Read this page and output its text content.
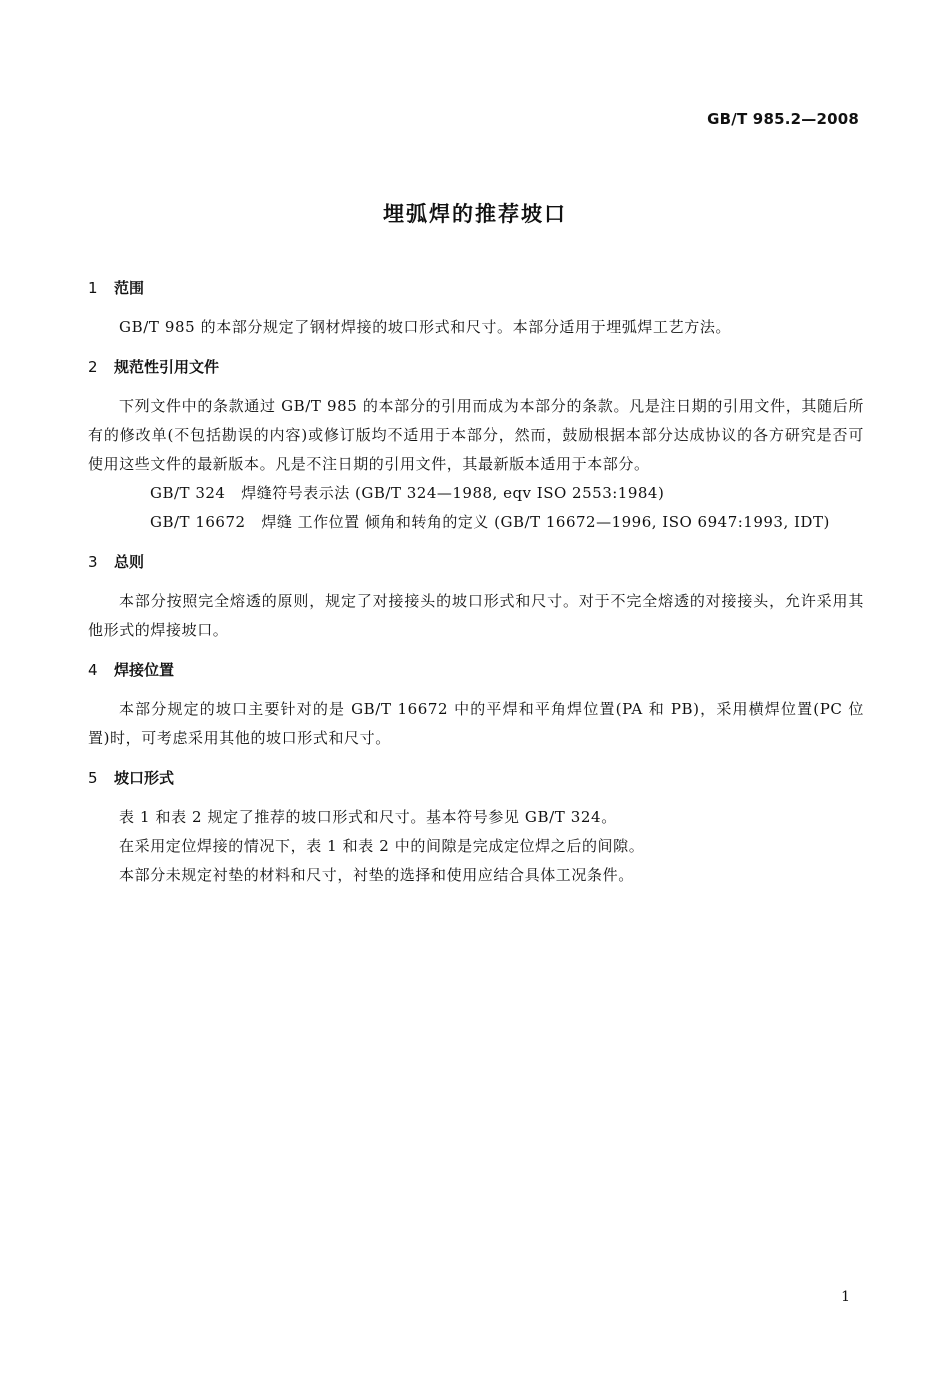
GB/T 985.2—2008
埋弧焊的推荐坡口
1 范围

GB/T 985 的本部分规定了钢材焊接的坡口形式和尺寸。本部分适用于埋弧焊工艺方法。

2 规范性引用文件

下列文件中的条款通过 GB/T 985 的本部分的引用而成为本部分的条款。凡是注日期的引用文件，其随后所有的修改单(不包括勘误的内容)或修订版均不适用于本部分，然而，鼓励根据本部分达成协议的各方研究是否可使用这些文件的最新版本。凡是不注日期的引用文件，其最新版本适用于本部分。

GB/T 324 焊缝符号表示法 (GB/T 324—1988, eqv ISO 2553:1984)

GB/T 16672 焊缝 工作位置 倾角和转角的定义 (GB/T 16672—1996, ISO 6947:1993, IDT)

3 总则

本部分按照完全熔透的原则，规定了对接接头的坡口形式和尺寸。对于不完全熔透的对接接头，允许采用其他形式的焊接坡口。

4 焊接位置

本部分规定的坡口主要针对的是 GB/T 16672 中的平焊和平角焊位置(PA 和 PB)，采用横焊位置(PC 位置)时，可考虑采用其他的坡口形式和尺寸。

5 坡口形式

表 1 和表 2 规定了推荐的坡口形式和尺寸。基本符号参见 GB/T 324。

在采用定位焊接的情况下，表 1 和表 2 中的间隙是完成定位焊之后的间隙。

本部分未规定衬垫的材料和尺寸，衬垫的选择和使用应结合具体工况条件。

1
